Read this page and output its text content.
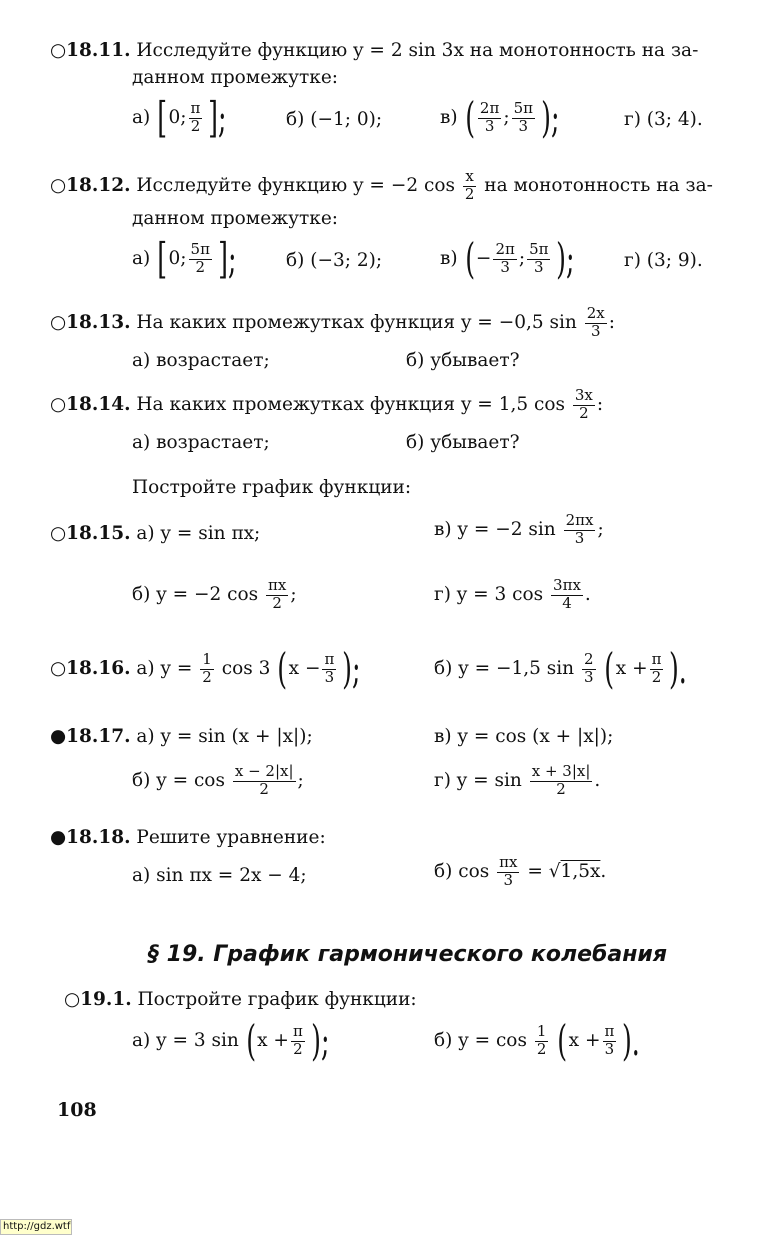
○18.11. Исследуйте функцию y = 2 sin 3x на монотонность на за-
данном промежутке:
а) [0; $\frac{\pi}{2}$ ];	б) (−1; 0);	в) ( $\frac{2\pi}{3}$ ; $\frac{5\pi}{3}$ );	г) (3; 4).
○18.12. Исследуйте функцию y = −2 $\cos \frac{x}{2}$ на монотонность на за-
данном промежутке:
а) [0; $\frac{5\pi}{2}$ ];	б) (−3; 2);	в) (− $\frac{2\pi}{3}$ ; $\frac{5\pi}{3}$ );	г) (3; 9).
○18.13. На каких промежутках функция y = −0,5 $\sin \frac{2x}{3}$ :
а) возрастает;	б) убывает?
○18.14. На каких промежутках функция y = 1,5 $\cos \frac{3x}{2}$ :
а) возрастает;	б) убывает?
Постройте график функции:
○18.15. а) y = sin πx;	в) y = −2 $\sin \frac{2\pi x}{3}$ ;
б) y = −2 $\cos \frac{\pi x}{2}$ ;	г) y = 3 $\cos \frac{3\pi x}{4}$ .
○18.16. а) $y = \frac{1}{2}$ cos 3 ($x - \frac{\pi}{3}$ );	б) y = −1,5 $\sin \frac{2}{3} (x + \frac{\pi}{2}$ ).
●18.17. а) y = sin (x + |x|);	в) y = cos (x + |x|);
б) $y = \cos \frac{x - 2|x|}{2}$ ;	г) $y = \sin \frac{x + 3|x|}{2}$ .
●18.18. Решите уравнение:
а) sin πx = 2x − 4;	б) $\cos \frac{\pi x}{3} = √1,5x$.
§ 19. График гармонического колебания
○19.1. Постройте график функции:
а) y = 3 $\sin (x + \frac{\pi}{2}$ );	б) $y = \cos \frac{1}{2} (x + \frac{\pi}{3}$ ).
108
http://gdz.wtf
